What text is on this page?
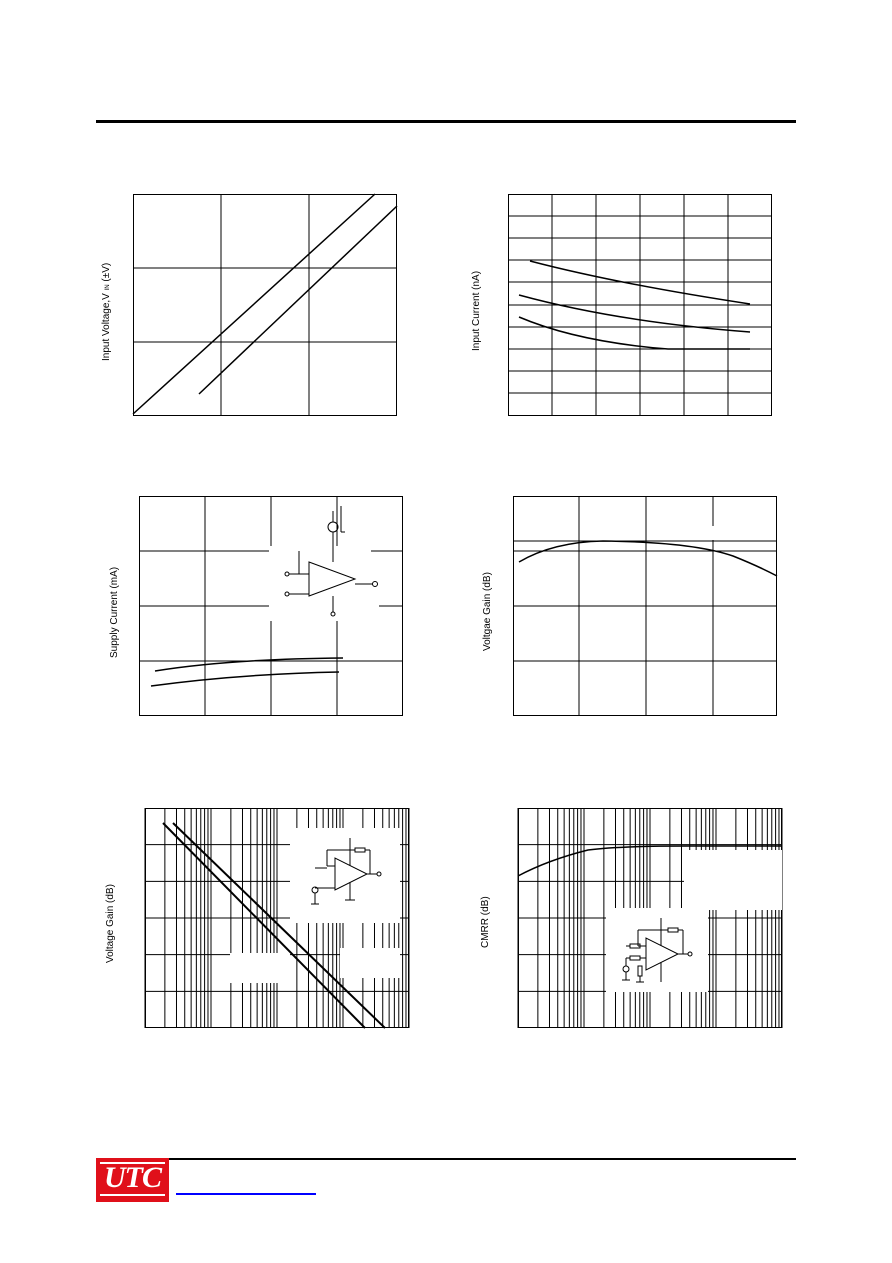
Input Voltage,V IN (±V)	Input Current (nA)
Supply Current (mA)	Voltgae Gain (dB)
Voltage Gain (dB)	CMRR (dB)
UTC
